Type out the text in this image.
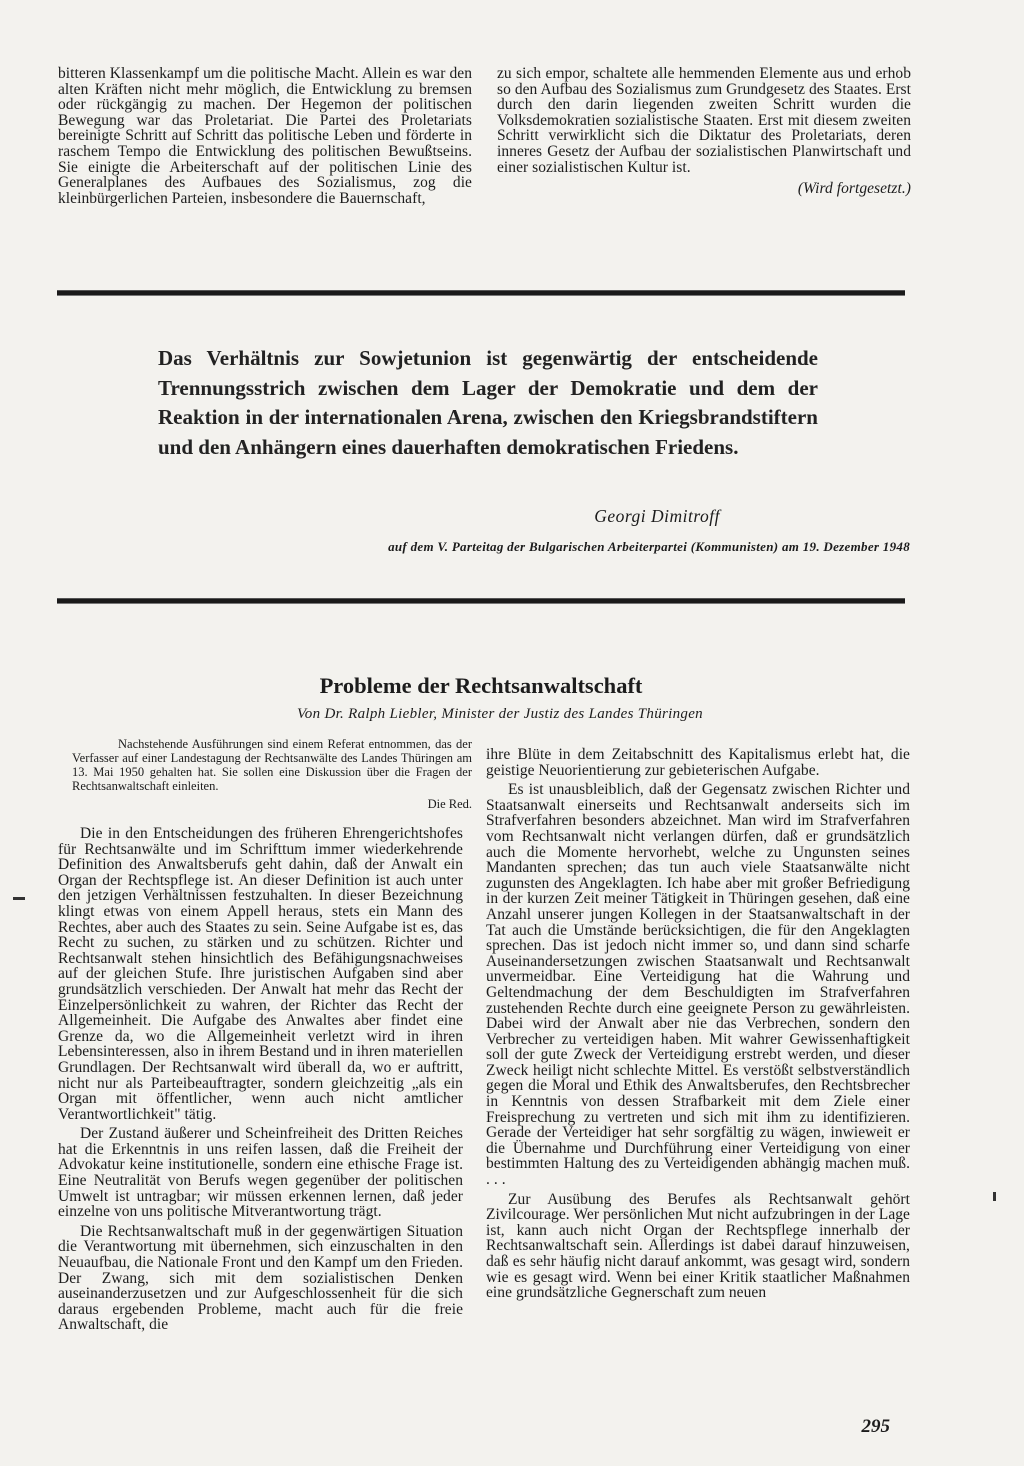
bitteren Klassenkampf um die politische Macht. Allein es war den alten Kräften nicht mehr möglich, die Entwicklung zu bremsen oder rückgängig zu machen. Der Hegemon der politischen Bewegung war das Proletariat. Die Partei des Proletariats bereinigte Schritt auf Schritt das politische Leben und förderte in raschem Tempo die Entwicklung des politischen Bewußtseins. Sie einigte die Arbeiterschaft auf der politischen Linie des Generalplanes des Aufbaues des Sozialismus, zog die kleinbürgerlichen Parteien, insbesondere die Bauernschaft,

zu sich empor, schaltete alle hemmenden Elemente aus und erhob so den Aufbau des Sozialismus zum Grundgesetz des Staates. Erst durch den darin liegenden zweiten Schritt wurden die Volksdemokratien sozialistische Staaten. Erst mit diesem zweiten Schritt verwirklicht sich die Diktatur des Proletariats, deren inneres Gesetz der Aufbau der sozialistischen Planwirtschaft und einer sozialistischen Kultur ist.

(Wird fortgesetzt.)
Das Verhältnis zur Sowjetunion ist gegenwärtig der entscheidende Trennungsstrich zwischen dem Lager der Demokratie und dem der Reaktion in der internationalen Arena, zwischen den Kriegsbrandstiftern und den Anhängern eines dauerhaften demokratischen Friedens.
Georgi Dimitroff
auf dem V. Parteitag der Bulgarischen Arbeiterpartei (Kommunisten) am 19. Dezember 1948
Probleme der Rechtsanwaltschaft
Von Dr. Ralph Liebler, Minister der Justiz des Landes Thüringen

Nachstehende Ausführungen sind einem Referat entnommen, das der Verfasser auf einer Landestagung der Rechtsanwälte des Landes Thüringen am 13. Mai 1950 gehalten hat. Sie sollen eine Diskussion über die Fragen der Rechtsanwaltschaft einleiten.

Die Red.

Die in den Entscheidungen des früheren Ehrengerichtshofes für Rechtsanwälte und im Schrifttum immer wiederkehrende Definition des Anwaltsberufs geht dahin, daß der Anwalt ein Organ der Rechtspflege ist. An dieser Definition ist auch unter den jetzigen Verhältnissen festzuhalten. In dieser Bezeichnung klingt etwas von einem Appell heraus, stets ein Mann des Rechtes, aber auch des Staates zu sein. Seine Aufgabe ist es, das Recht zu suchen, zu stärken und zu schützen. Richter und Rechtsanwalt stehen hinsichtlich des Befähigungsnachweises auf der gleichen Stufe. Ihre juristischen Aufgaben sind aber grundsätzlich verschieden. Der Anwalt hat mehr das Recht der Einzelpersönlichkeit zu wahren, der Richter das Recht der Allgemeinheit. Die Aufgabe des Anwaltes aber findet eine Grenze da, wo die Allgemeinheit verletzt wird in ihren Lebensinteressen, also in ihrem Bestand und in ihren materiellen Grundlagen. Der Rechtsanwalt wird überall da, wo er auftritt, nicht nur als Parteibeauftragter, sondern gleichzeitig „als ein Organ mit öffentlicher, wenn auch nicht amtlicher Verantwortlichkeit" tätig.

Der Zustand äußerer und Scheinfreiheit des Dritten Reiches hat die Erkenntnis in uns reifen lassen, daß die Freiheit der Advokatur keine institutionelle, sondern eine ethische Frage ist. Eine Neutralität von Berufs wegen gegenüber der politischen Umwelt ist untragbar; wir müssen erkennen lernen, daß jeder einzelne von uns politische Mitverantwortung trägt.

Die Rechtsanwaltschaft muß in der gegenwärtigen Situation die Verantwortung mit übernehmen, sich einzuschalten in den Neuaufbau, die Nationale Front und den Kampf um den Frieden. Der Zwang, sich mit dem sozialistischen Denken auseinanderzusetzen und zur Aufgeschlossenheit für die sich daraus ergebenden Probleme, macht auch für die freie Anwaltschaft, die

ihre Blüte in dem Zeitabschnitt des Kapitalismus erlebt hat, die geistige Neuorientierung zur gebieterischen Aufgabe.

Es ist unausbleiblich, daß der Gegensatz zwischen Richter und Staatsanwalt einerseits und Rechtsanwalt anderseits sich im Strafverfahren besonders abzeichnet. Man wird im Strafverfahren vom Rechtsanwalt nicht verlangen dürfen, daß er grundsätzlich auch die Momente hervorhebt, welche zu Ungunsten seines Mandanten sprechen; das tun auch viele Staatsanwälte nicht zugunsten des Angeklagten. Ich habe aber mit großer Befriedigung in der kurzen Zeit meiner Tätigkeit in Thüringen gesehen, daß eine Anzahl unserer jungen Kollegen in der Staatsanwaltschaft in der Tat auch die Umstände berücksichtigen, die für den Angeklagten sprechen. Das ist jedoch nicht immer so, und dann sind scharfe Auseinandersetzungen zwischen Staatsanwalt und Rechtsanwalt unvermeidbar. Eine Verteidigung hat die Wahrung und Geltendmachung der dem Beschuldigten im Strafverfahren zustehenden Rechte durch eine geeignete Person zu gewährleisten. Dabei wird der Anwalt aber nie das Verbrechen, sondern den Verbrecher zu verteidigen haben. Mit wahrer Gewissenhaftigkeit soll der gute Zweck der Verteidigung erstrebt werden, und dieser Zweck heiligt nicht schlechte Mittel. Es verstößt selbstverständlich gegen die Moral und Ethik des Anwaltsberufes, den Rechtsbrecher in Kenntnis von dessen Strafbarkeit mit dem Ziele einer Freisprechung zu vertreten und sich mit ihm zu identifizieren. Gerade der Verteidiger hat sehr sorgfältig zu wägen, inwieweit er die Übernahme und Durchführung einer Verteidigung von einer bestimmten Haltung des zu Verteidigenden abhängig machen muß. . . .

Zur Ausübung des Berufes als Rechtsanwalt gehört Zivilcourage. Wer persönlichen Mut nicht aufzubringen in der Lage ist, kann auch nicht Organ der Rechtspflege innerhalb der Rechtsanwaltschaft sein. Allerdings ist dabei darauf hinzuweisen, daß es sehr häufig nicht darauf ankommt, was gesagt wird, sondern wie es gesagt wird. Wenn bei einer Kritik staatlicher Maßnahmen eine grundsätzliche Gegnerschaft zum neuen

295
